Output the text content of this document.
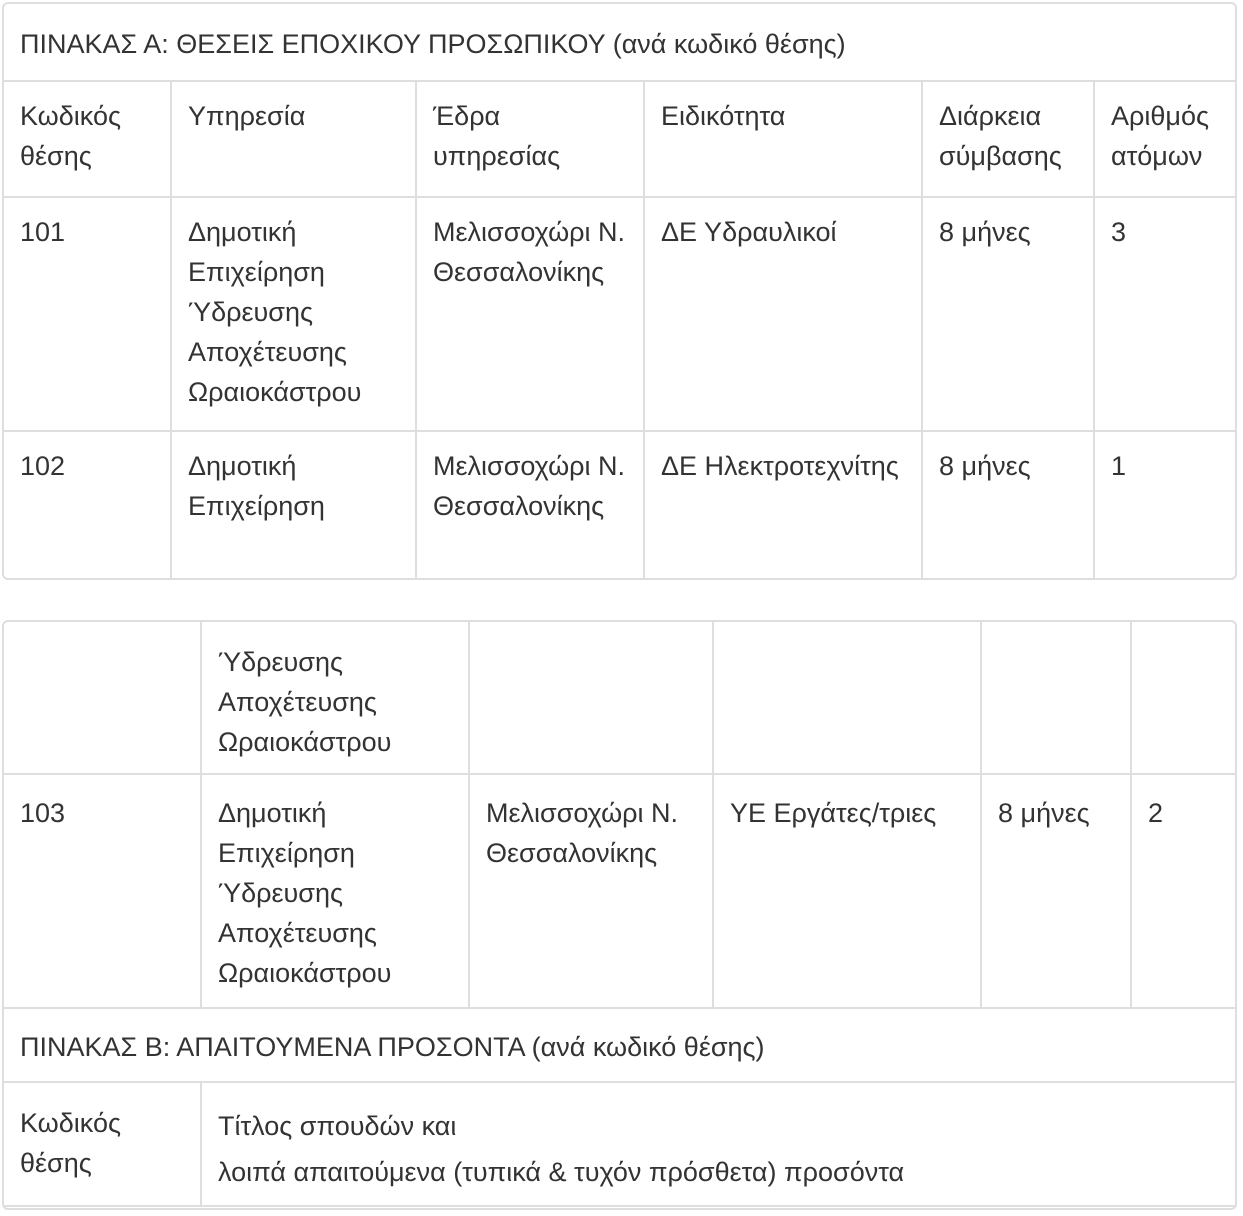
ΠΙΝΑΚΑΣ Α: ΘΕΣΕΙΣ ΕΠΟΧΙΚΟΥ ΠΡΟΣΩΠΙΚΟΥ (ανά κωδικό θέσης)					
Κωδικός θέσης	Υπηρεσία	Έδρα υπηρεσίας	Ειδικότητα	Διάρκεια σύμβασης	Αριθμός ατόμων
101	Δημοτική Επιχείρηση Ύδρευσης Αποχέτευσης Ωραιοκάστρου	Μελισσοχώρι Ν. Θεσσαλονίκης	ΔΕ Υδραυλικοί	8 μήνες	3
102	Δημοτική Επιχείρηση	Μελισσοχώρι Ν. Θεσσαλονίκης	ΔΕ Ηλεκτροτεχνίτης	8 μήνες	1
	Ύδρευσης Αποχέτευσης Ωραιοκάστρου				
103	Δημοτική Επιχείρηση Ύδρευσης Αποχέτευσης Ωραιοκάστρου	Μελισσοχώρι Ν. Θεσσαλονίκης	ΥΕ Εργάτες/τριες	8 μήνες	2
ΠΙΝΑΚΑΣ Β: ΑΠΑΙΤΟΥΜΕΝΑ ΠΡΟΣΟΝΤΑ (ανά κωδικό θέσης)					
Κωδικός θέσης	Τίτλος σπουδών και
λοιπά απαιτούμενα (τυπικά & τυχόν πρόσθετα) προσόντα				
